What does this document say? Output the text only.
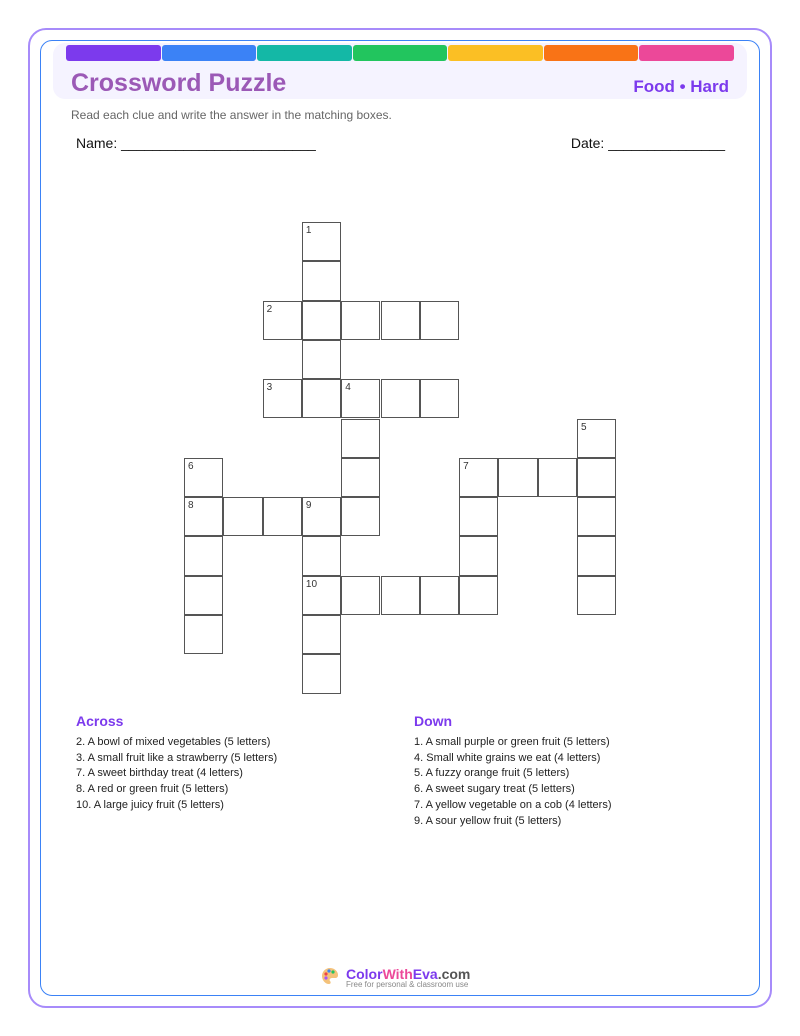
Crossword Puzzle	Food • Hard
Read each clue and write the answer in the matching boxes.
Name: _________________________	Date: _______________
1
2
3	4
5
6
8
7
9
10
Across
2. A bowl of mixed vegetables (5 letters)
3. A small fruit like a strawberry (5 letters)
7. A sweet birthday treat (4 letters)
8. A red or green fruit (5 letters)
10. A large juicy fruit (5 letters)
Down
1. A small purple or green fruit (5 letters)
4. Small white grains we eat (4 letters)
5. A fuzzy orange fruit (5 letters)
6. A sweet sugary treat (5 letters)
7. A yellow vegetable on a cob (4 letters)
9. A sour yellow fruit (5 letters)
ColorWithEva.com
Free for personal & classroom use
